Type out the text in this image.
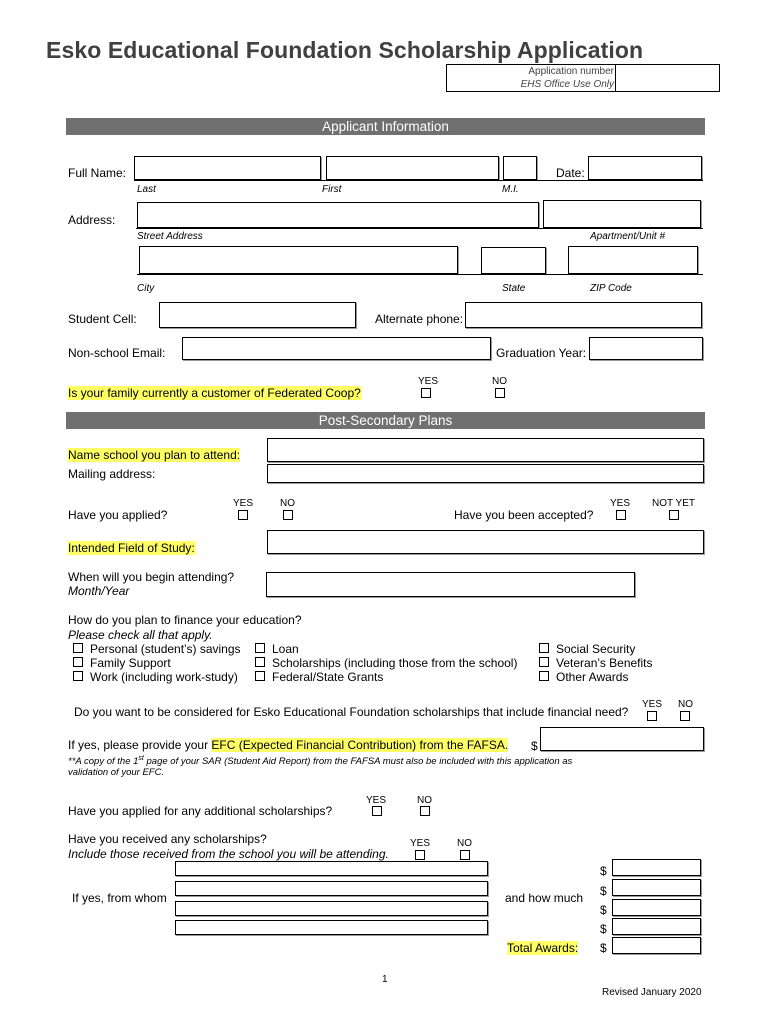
Esko Educational Foundation Scholarship Application
Application number
EHS Office Use Only
Applicant Information
Full Name:	Date:
Last	First	M.I.
Address:
Street Address	Apartment/Unit #
City	State	ZIP Code
Student Cell:	Alternate phone:
Non-school Email:	Graduation Year:
Is your family currently a customer of Federated Coop?
YES	NO
Post-Secondary Plans
Name school you plan to attend:
Mailing address:
Have you applied?
YES	NO
Have you been accepted?
YES NOT YET
Intended Field of Study:
When will you begin attending?
Month/Year
How do you plan to finance your education?
Please check all that apply.
Personal (student’s) savings
Family Support
Work (including work-study)
Loan
Scholarships (including those from the school)
Federal/State Grants
Social Security
Veteran’s Benefits
Other Awards
Do you want to be considered for Esko Educational Foundation scholarships that include financial need?
YES NO
If yes, please provide your EFC (Expected Financial Contribution) from the FAFSA. $
**A copy of the 1st page of your SAR (Student Aid Report) from the FAFSA must also be included with this application as
validation of your EFC.
Have you applied for any additional scholarships?
YES	NO
Have you received any scholarships?
Include those received from the school you will be attending.
YES	NO
If yes, from whom	and how much
$
$
$
$
Total Awards: $
1
Revised January 2020
